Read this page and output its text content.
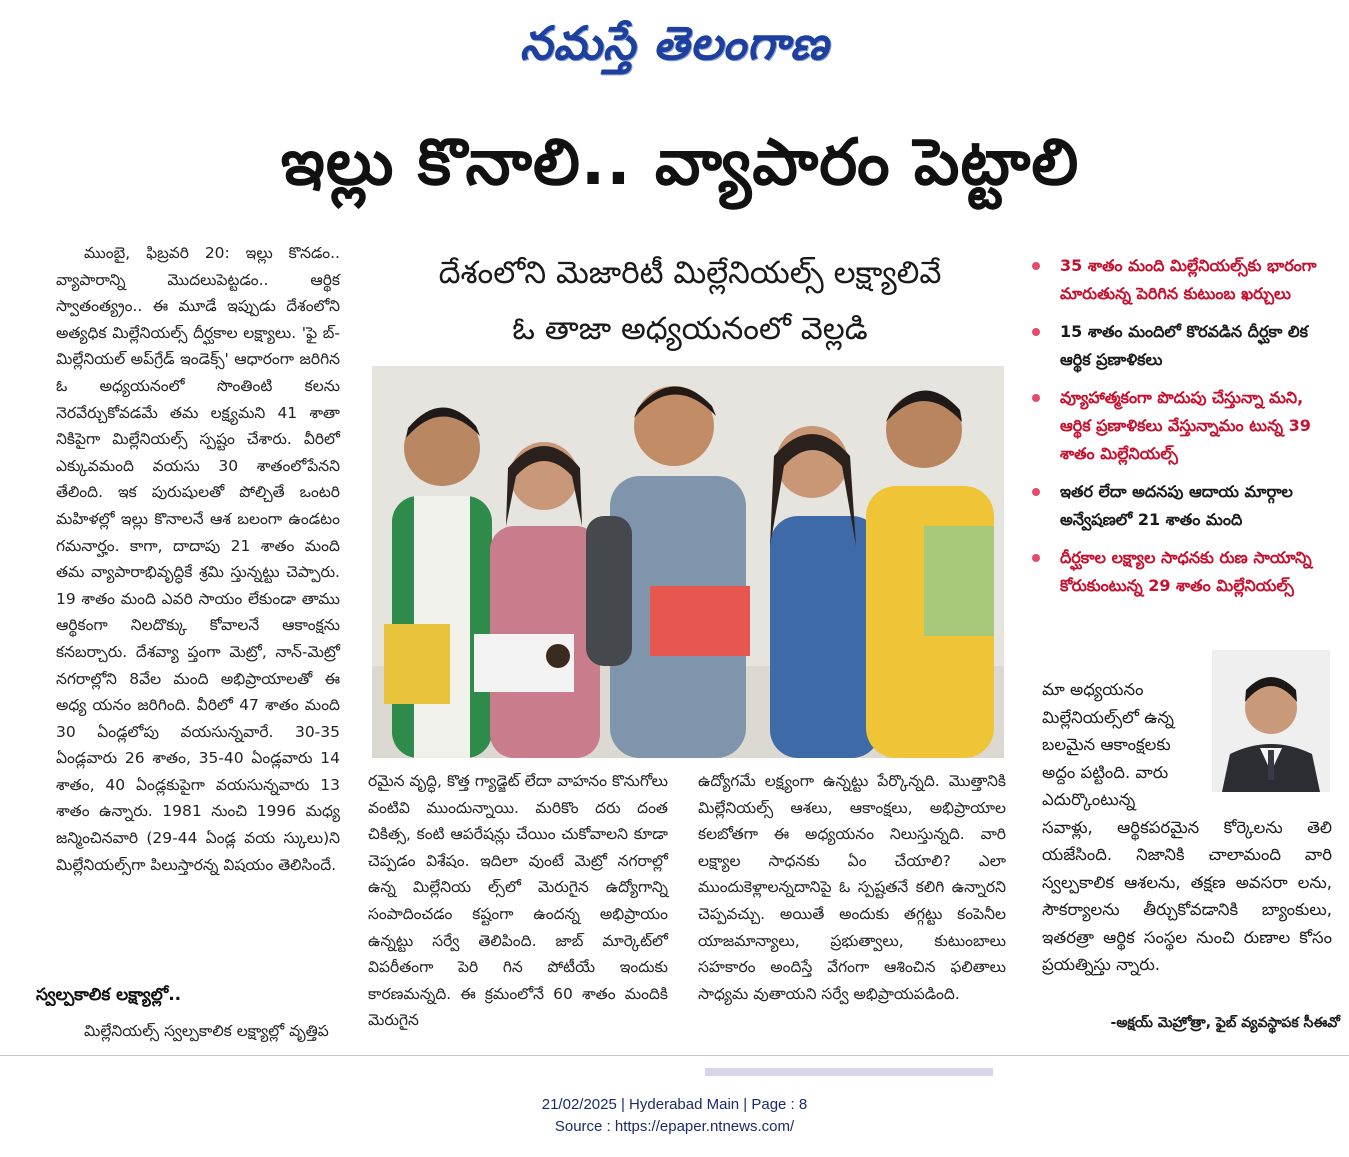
నమస్తే తెలంగాణ
ఇల్లు కొనాలి.. వ్యాపారం పెట్టాలి

ముంబై, ఫిబ్రవరి 20: ఇల్లు కొనడం.. వ్యాపారాన్ని మొదలుపెట్టడం.. ఆర్థిక స్వాతంత్య్రం.. ఈ మూడే ఇప్పుడు దేశంలోని అత్యధిక మిల్లేనియల్స్ దీర్ఘకాల లక్ష్యాలు. 'ఫై బ్-మిల్లేనియల్ అప్‌గ్రేడ్ ఇండెక్స్' ఆధారంగా జరిగిన ఓ అధ్యయనంలో సొంతింటి కలను నెరవేర్చుకోవడమే తమ లక్ష్యమని 41 శాతా నికిపైగా మిల్లేనియల్స్ స్పష్టం చేశారు. వీరిలో ఎక్కువమంది వయసు 30 శాతంలోపేనని తేలింది. ఇక పురుషులతో పోల్చితే ఒంటరి మహిళల్లో ఇల్లు కొనాలనే ఆశ బలంగా ఉండటం గమనార్హం. కాగా, దాదాపు 21 శాతం మంది తమ వ్యాపారాభివృద్ధికే శ్రమి స్తున్నట్టు చెప్పారు. 19 శాతం మంది ఎవరి సాయం లేకుండా తాము ఆర్థికంగా నిలదొక్కు కోవాలనే ఆకాంక్షను కనబర్చారు. దేశవ్యా ప్తంగా మెట్రో, నాన్-మెట్రో నగరాల్లోని 8వేల మంది అభిప్రాయాలతో ఈ అధ్య యనం జరిగింది. వీరిలో 47 శాతం మంది 30 ఏండ్లలోపు వయసున్నవారే. 30-35 ఏండ్లవారు 26 శాతం, 35-40 ఏండ్లవారు 14 శాతం, 40 ఏండ్లకుపైగా వయసున్నవారు 13 శాతం ఉన్నారు. 1981 నుంచి 1996 మధ్య జన్మించినవారి (29-44 ఏండ్ల వయ స్కులు)ని మిల్లేనియల్స్‌గా పిలుస్తారన్న విషయం తెలిసిందే.

స్వల్పకాలిక లక్ష్యాల్లో..

మిల్లేనియల్స్ స్వల్పకాలిక లక్ష్యాల్లో వృత్తిప

దేశంలోని మెజారిటీ మిల్లేనియల్స్ లక్ష్యాలివే
ఓ తాజా అధ్యయనంలో వెల్లడి

రమైన వృద్ధి, కొత్త గ్యాడ్జెట్ లేదా వాహనం కొనుగోలు వంటివి ముందున్నాయి. మరికొం దరు దంత చికిత్స, కంటి ఆపరేషన్లు చేయిం చుకోవాలని కూడా చెప్పడం విశేషం. ఇదిలా వుంటే మెట్రో నగరాల్లో ఉన్న మిల్లేనియ ల్స్‌లో మెరుగైన ఉద్యోగాన్ని సంపాదించడం కష్టంగా ఉందన్న అభిప్రాయం ఉన్నట్టు సర్వే తెలిపింది. జాబ్ మార్కెట్‌లో విపరీతంగా పెరి గిన పోటీయే ఇందుకు కారణమన్నది. ఈ క్రమంలోనే 60 శాతం మందికి మెరుగైన

ఉద్యోగమే లక్ష్యంగా ఉన్నట్టు పేర్కొన్నది. మొత్తానికి మిల్లేనియల్స్ ఆశలు, ఆకాంక్షలు, అభిప్రాయాల కలబోతగా ఈ అధ్యయనం నిలుస్తున్నది. వారి లక్ష్యాల సాధనకు ఏం చేయాలి? ఎలా ముందుకెళ్లాలన్నదానిపై ఓ స్పష్టతనే కలిగి ఉన్నారని చెప్పవచ్చు. అయితే అందుకు తగ్గట్టు కంపెనీల యాజమాన్యాలు, ప్రభుత్వాలు, కుటుంబాలు సహకారం అందిస్తే వేగంగా ఆశించిన ఫలితాలు సాధ్యమ వుతాయని సర్వే అభిప్రాయపడింది.

35 శాతం మంది మిల్లేనియల్స్‌కు భారంగా మారుతున్న పెరిగిన కుటుంబ ఖర్చులు
15 శాతం మందిలో కొరవడిన దీర్ఘకా లిక ఆర్థిక ప్రణాళికలు
వ్యూహాత్మకంగా పొదుపు చేస్తున్నా మని, ఆర్థిక ప్రణాళికలు వేస్తున్నామం టున్న 39 శాతం మిల్లేనియల్స్
ఇతర లేదా అదనపు ఆదాయ మార్గాల అన్వేషణలో 21 శాతం మంది
దీర్ఘకాల లక్ష్యాల సాధనకు రుణ సాయాన్ని కోరుకుంటున్న 29 శాతం మిల్లేనియల్స్
మా అధ్యయనం
మిల్లేనియల్స్‌లో ఉన్న
బలమైన ఆకాంక్షలకు
అద్దం పట్టింది. వారు
ఎదుర్కొంటున్న
సవాళ్లు, ఆర్థికపరమైన కోర్కెలను తెలి యజేసింది. నిజానికి చాలామంది వారి స్వల్పకాలిక ఆశలను, తక్షణ అవసరా లను, సౌకర్యాలను తీర్చుకోవడానికి బ్యాంకులు, ఇతరత్రా ఆర్థిక సంస్థల నుంచి రుణాల కోసం ప్రయత్నిస్తు న్నారు.
-అక్షయ్ మెహ్రోత్రా, ఫైబ్ వ్యవస్థాపక సీఈవో
21/02/2025 | Hyderabad Main | Page : 8
Source : https://epaper.ntnews.com/
